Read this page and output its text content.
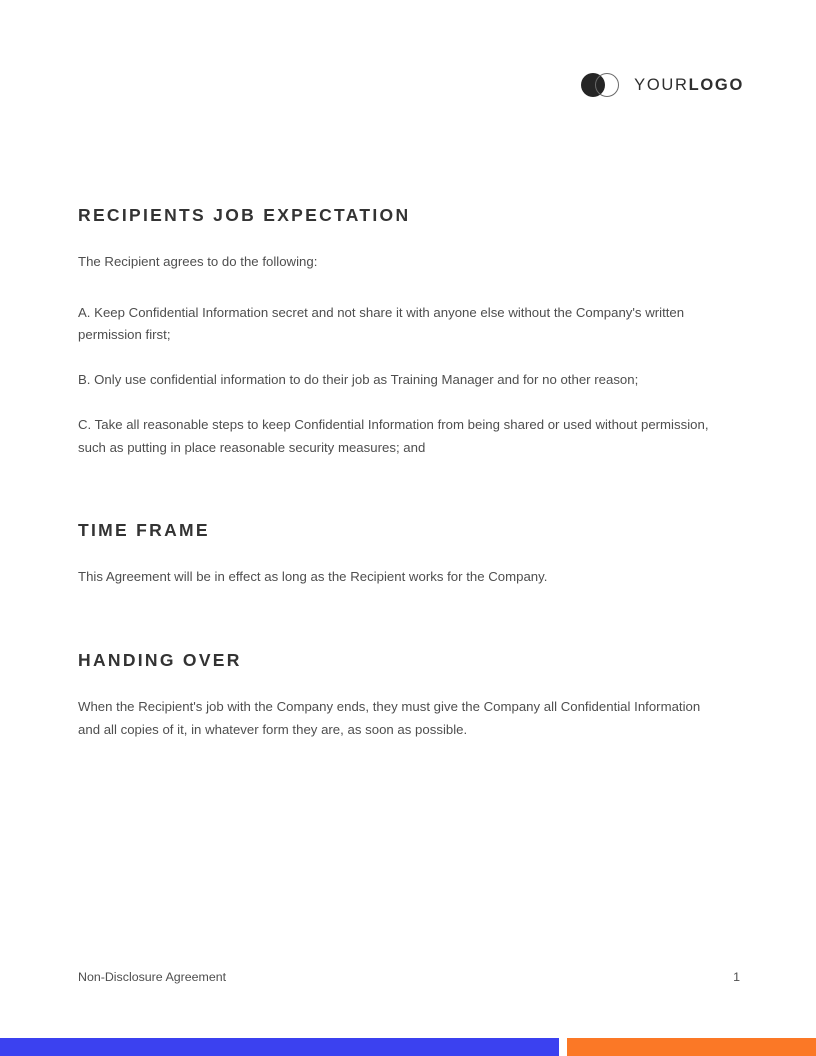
YOURLOGO
RECIPIENTS JOB EXPECTATION

The Recipient agrees to do the following:

A. Keep Confidential Information secret and not share it with anyone else without the Company's written permission first;

B. Only use confidential information to do their job as Training Manager and for no other reason;

C. Take all reasonable steps to keep Confidential Information from being shared or used without permission, such as putting in place reasonable security measures; and

TIME FRAME

This Agreement will be in effect as long as the Recipient works for the Company.

HANDING OVER

When the Recipient's job with the Company ends, they must give the Company all Confidential Information and all copies of it, in whatever form they are, as soon as possible.

Non-Disclosure Agreement	1
